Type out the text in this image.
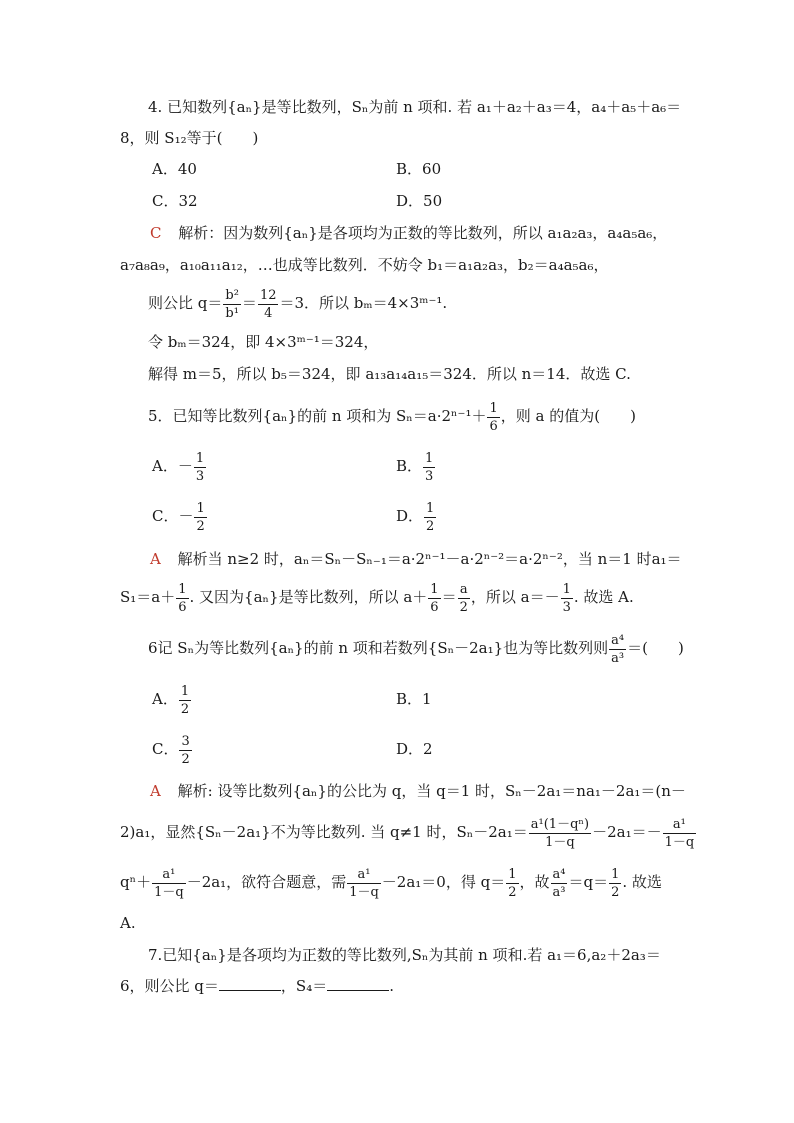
4. 已知数列{aₙ}是等比数列，Sₙ为前 n 项和. 若 a₁＋a₂＋a₃＝4，a₄＋a₅＋a₆＝
8，则 S₁₂等于(　　)
A．40	B．60
C．32	D．50
C 解析：因为数列{aₙ}是各项均为正数的等比数列，所以 a₁a₂a₃，a₄a₅a₆，
a₇a₈a₉，a₁₀a₁₁a₁₂，…也成等比数列．不妨令 b₁＝a₁a₂a₃，b₂＝a₄a₅a₆，
则公比 $q= \frac{\text{b²}}{\text{b¹}} = \frac{12}{4} =3$．所以 bₘ＝4×3ᵐ⁻¹.
令 bₘ＝324，即 4×3ᵐ⁻¹＝324，
解得 m＝5，所以 b₅＝324，即 a₁₃a₁₄a₁₅＝324．所以 n＝14．故选 C.
5．已知等比数列{aₙ}的前 n 项和为 $S_n=a\cdot 2^{n-1}+ \frac{1}{6}$ ，则 a 的值为(　　)
A．－ $\frac{1}{3}$	B． $\frac{1}{3}$
C．－ $\frac{1}{2}$	D． $\frac{1}{2}$
A 解析当 n≥2 时，aₙ＝Sₙ－Sₙ₋₁＝a·2ⁿ⁻¹－a·2ⁿ⁻²＝a·2ⁿ⁻²，当 n＝1 时a₁＝
$S_1=a+ \frac{1}{6}$ . 又因为{aₙ}是等比数列，所以 $a+ \frac{1}{6} = \frac{a}{2}$ ，所以 $a=- \frac{1}{3}$ . 故选 A.
6记 Sₙ为等比数列{aₙ}的前 n 项和若数列{Sₙ－2a₁}也为等比数列则 $\frac{\text{a⁴}}{\text{a³}}$ ＝(　　)
A． $\frac{1}{2}$	B．1
C． $\frac{3}{2}$	D．2
A 解析: 设等比数列{aₙ}的公比为 q，当 q＝1 时，Sₙ－2a₁＝na₁－2a₁＝(n－
2)a₁，显然{Sₙ－2a₁}不为等比数列. 当 q≠1 时，$S_n-2a_1= \frac{\text{a¹(1－qⁿ)}}{1-q} -2a_1=- \frac{\text{a¹}}{1-q}$
$q^n+ \frac{\text{a¹}}{1-q} -2a_1$，欲符合题意，需 $\frac{\text{a¹}}{1-q} -2a_1=0$，得 $q= \frac{1}{2}$ ，故 $\frac{\text{a⁴}}{\text{a³}} =q= \frac{1}{2}$ . 故选
A.
7.已知{aₙ}是各项均为正数的等比数列,Sₙ为其前 n 项和.若 a₁＝6,a₂＋2a₃＝
6，则公比 q＝	，S₄＝	.
